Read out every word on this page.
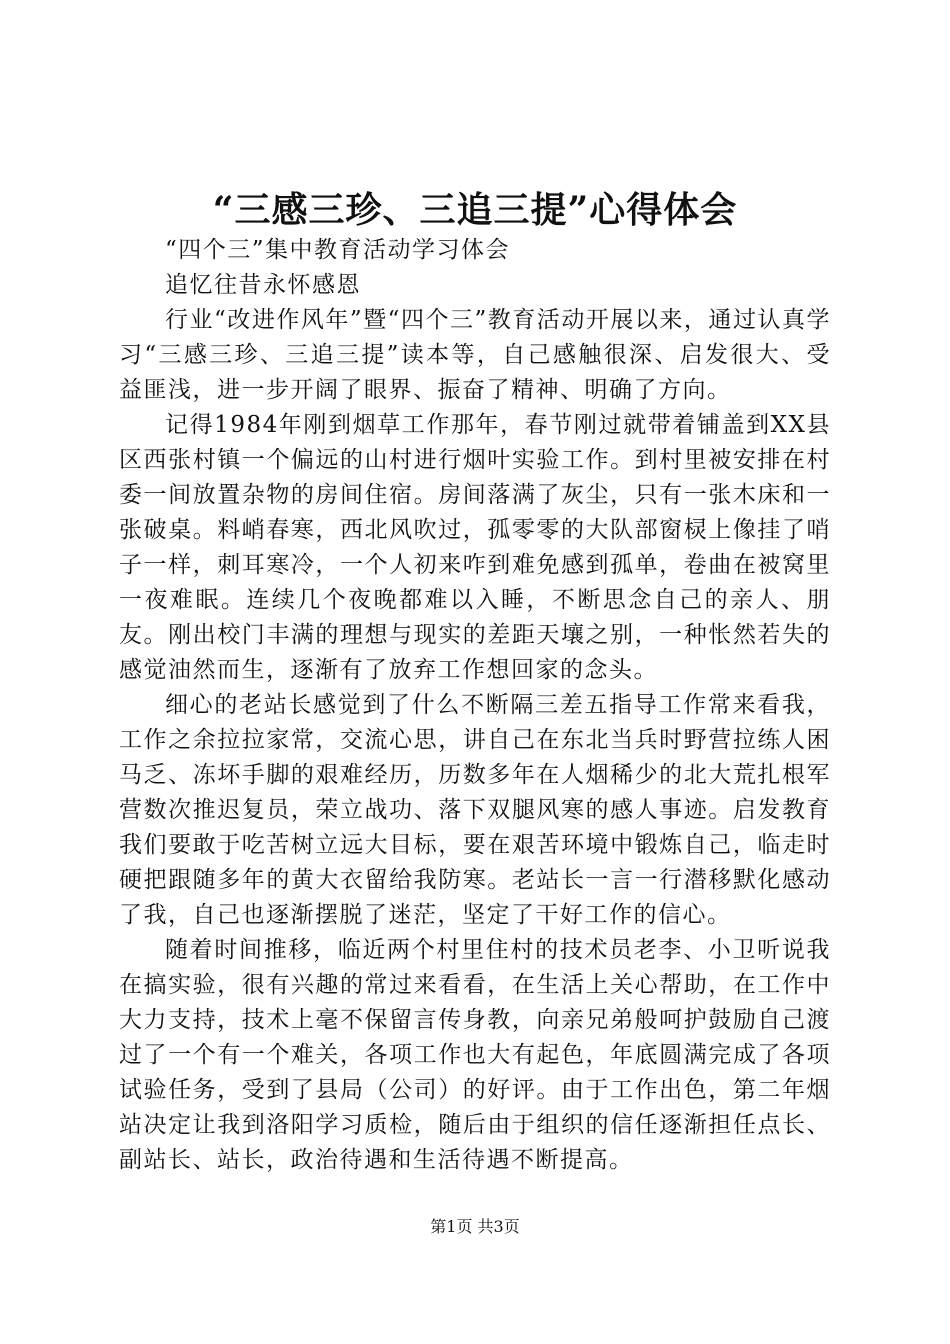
“三感三珍、三追三提”心得体会

“四个三”集中教育活动学习体会

追忆往昔永怀感恩

行业“改进作风年”暨“四个三”教育活动开展以来，通过认真学习“三感三珍、三追三提”读本等，自己感触很深、启发很大、受益匪浅，进一步开阔了眼界、振奋了精神、明确了方向。

记得1984年刚到烟草工作那年，春节刚过就带着铺盖到XX县区西张村镇一个偏远的山村进行烟叶实验工作。到村里被安排在村委一间放置杂物的房间住宿。房间落满了灰尘，只有一张木床和一张破桌。料峭春寒，西北风吹过，孤零零的大队部窗棂上像挂了哨子一样，刺耳寒冷，一个人初来咋到难免感到孤单，卷曲在被窝里一夜难眠。连续几个夜晚都难以入睡，不断思念自己的亲人、朋友。刚出校门丰满的理想与现实的差距天壤之别，一种怅然若失的感觉油然而生，逐渐有了放弃工作想回家的念头。

细心的老站长感觉到了什么不断隔三差五指导工作常来看我，工作之余拉拉家常，交流心思，讲自己在东北当兵时野营拉练人困马乏、冻坏手脚的艰难经历，历数多年在人烟稀少的北大荒扎根军营数次推迟复员，荣立战功、落下双腿风寒的感人事迹。启发教育我们要敢于吃苦树立远大目标，要在艰苦环境中锻炼自己，临走时硬把跟随多年的黄大衣留给我防寒。老站长一言一行潜移默化感动了我，自己也逐渐摆脱了迷茫，坚定了干好工作的信心。

随着时间推移，临近两个村里住村的技术员老李、小卫听说我在搞实验，很有兴趣的常过来看看，在生活上关心帮助，在工作中大力支持，技术上毫不保留言传身教，向亲兄弟般呵护鼓励自己渡过了一个有一个难关，各项工作也大有起色，年底圆满完成了各项试验任务，受到了县局（公司）的好评。由于工作出色，第二年烟站决定让我到洛阳学习质检，随后由于组织的信任逐渐担任点长、副站长、站长，政治待遇和生活待遇不断提高。

第1页 共3页
